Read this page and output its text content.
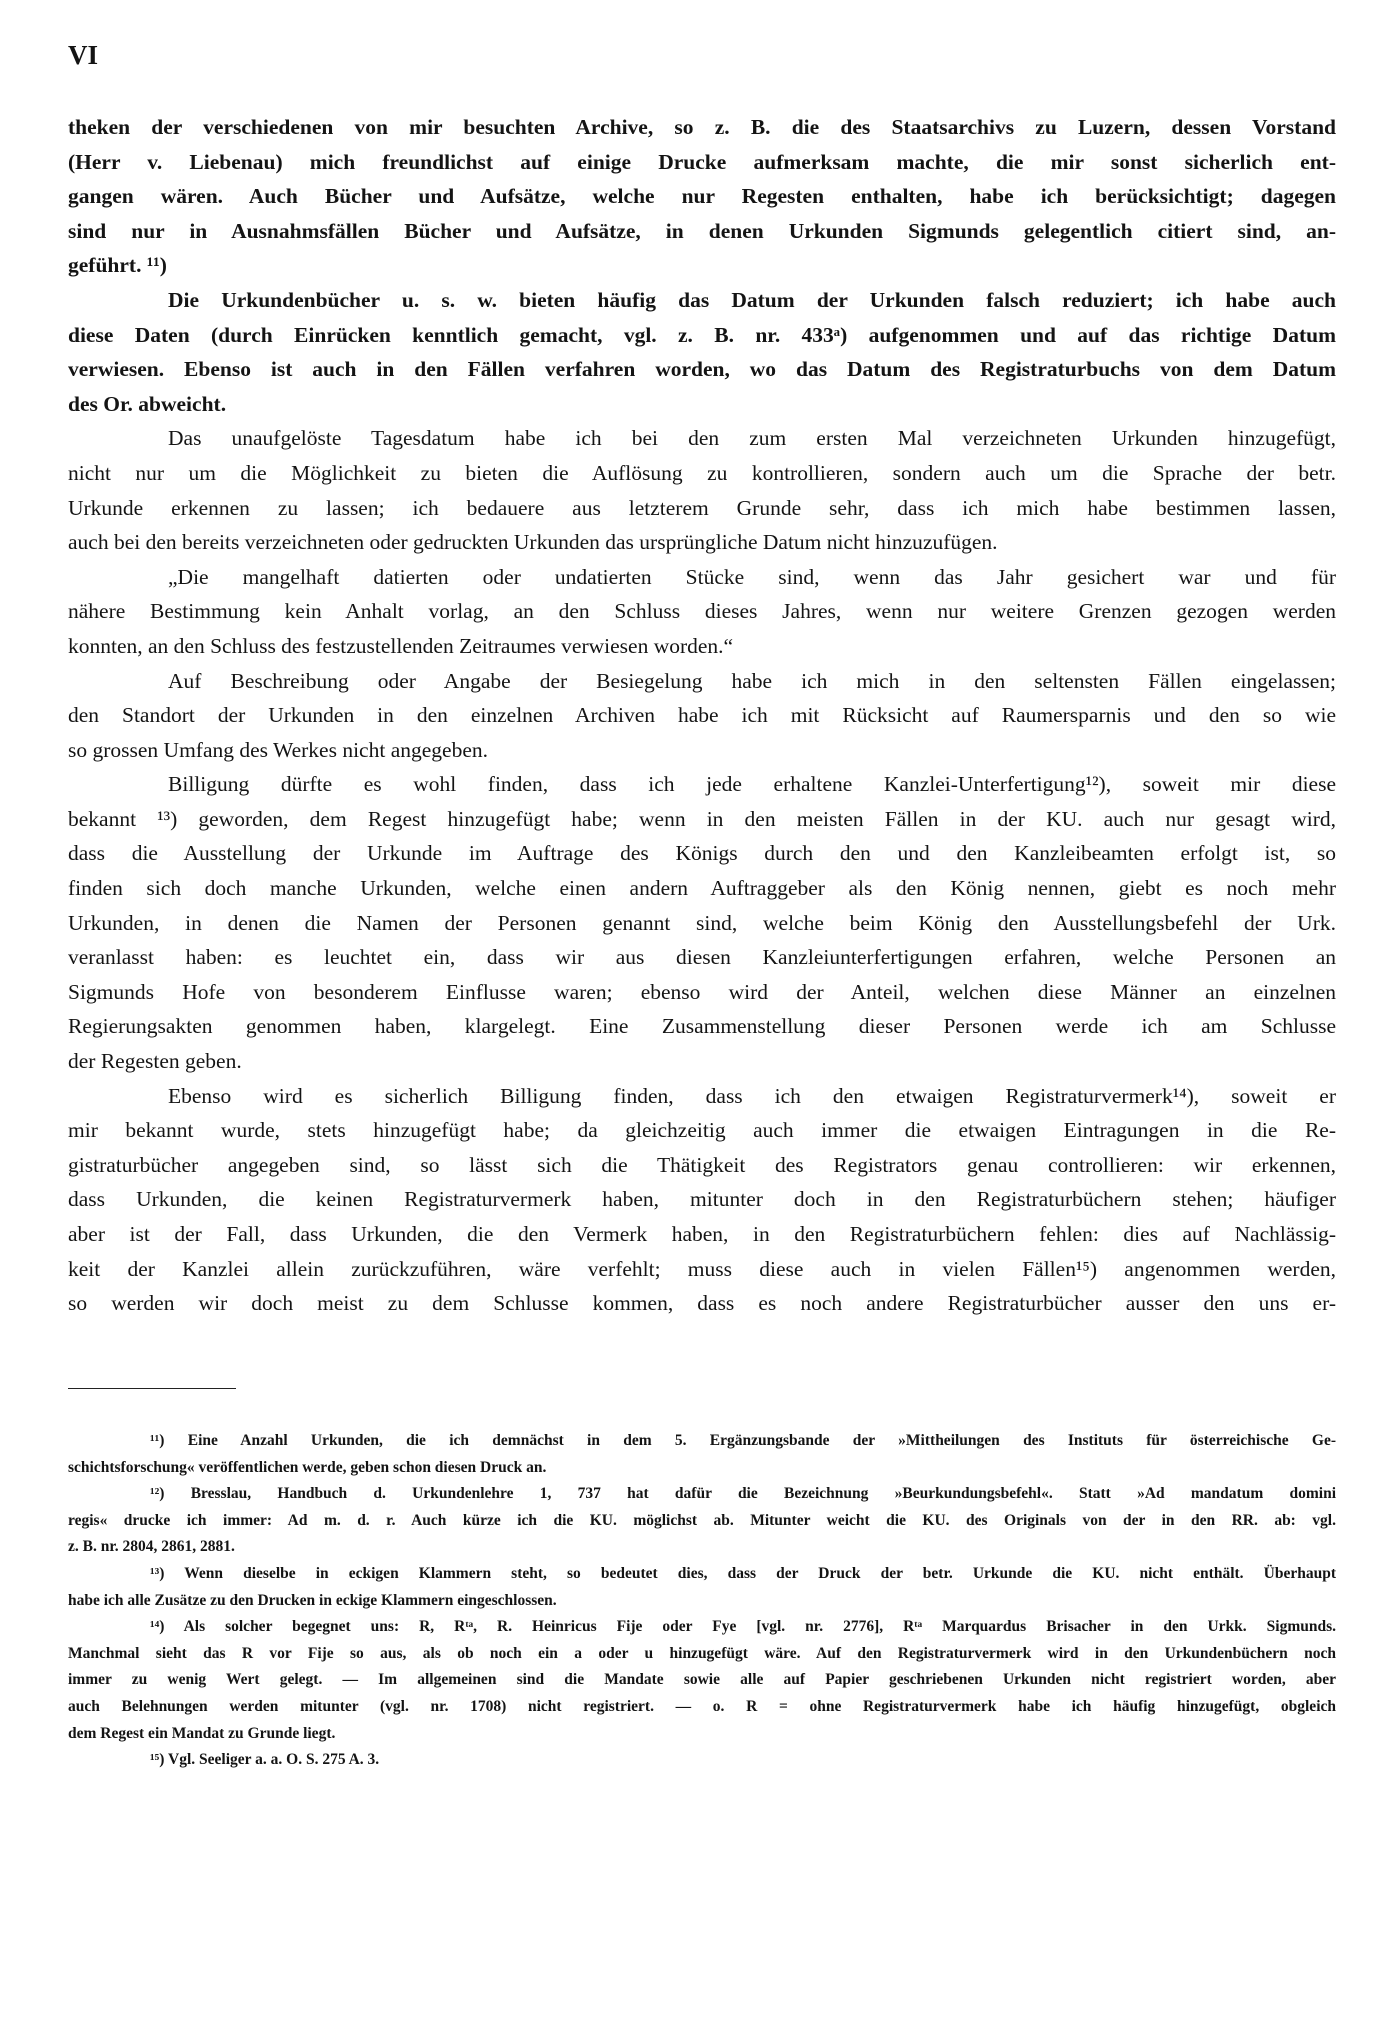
VI
theken der verschiedenen von mir besuchten Archive, so z. B. die des Staatsarchivs zu Luzern, dessen Vorstand
(Herr v. Liebenau) mich freundlichst auf einige Drucke aufmerksam machte, die mir sonst sicherlich ent-
gangen wären. Auch Bücher und Aufsätze, welche nur Regesten enthalten, habe ich berücksichtigt; dagegen
sind nur in Ausnahmsfällen Bücher und Aufsätze, in denen Urkunden Sigmunds gelegentlich citiert sind, an-
geführt. ¹¹)
Die Urkundenbücher u. s. w. bieten häufig das Datum der Urkunden falsch reduziert; ich habe auch
diese Daten (durch Einrücken kenntlich gemacht, vgl. z. B. nr. 433ᵃ) aufgenommen und auf das richtige Datum
verwiesen. Ebenso ist auch in den Fällen verfahren worden, wo das Datum des Registraturbuchs von dem Datum
des Or. abweicht.
Das unaufgelöste Tagesdatum habe ich bei den zum ersten Mal verzeichneten Urkunden hinzugefügt,
nicht nur um die Möglichkeit zu bieten die Auflösung zu kontrollieren, sondern auch um die Sprache der betr.
Urkunde erkennen zu lassen; ich bedauere aus letzterem Grunde sehr, dass ich mich habe bestimmen lassen,
auch bei den bereits verzeichneten oder gedruckten Urkunden das ursprüngliche Datum nicht hinzuzufügen.
„Die mangelhaft datierten oder undatierten Stücke sind, wenn das Jahr gesichert war und für
nähere Bestimmung kein Anhalt vorlag, an den Schluss dieses Jahres, wenn nur weitere Grenzen gezogen werden
konnten, an den Schluss des festzustellenden Zeitraumes verwiesen worden.“
Auf Beschreibung oder Angabe der Besiegelung habe ich mich in den seltensten Fällen eingelassen;
den Standort der Urkunden in den einzelnen Archiven habe ich mit Rücksicht auf Raumersparnis und den so wie
so grossen Umfang des Werkes nicht angegeben.
Billigung dürfte es wohl finden, dass ich jede erhaltene Kanzlei-Unterfertigung¹²), soweit mir diese
bekannt ¹³) geworden, dem Regest hinzugefügt habe; wenn in den meisten Fällen in der KU. auch nur gesagt wird,
dass die Ausstellung der Urkunde im Auftrage des Königs durch den und den Kanzleibeamten erfolgt ist, so
finden sich doch manche Urkunden, welche einen andern Auftraggeber als den König nennen, giebt es noch mehr
Urkunden, in denen die Namen der Personen genannt sind, welche beim König den Ausstellungsbefehl der Urk.
veranlasst haben: es leuchtet ein, dass wir aus diesen Kanzleiunterfertigungen erfahren, welche Personen an
Sigmunds Hofe von besonderem Einflusse waren; ebenso wird der Anteil, welchen diese Männer an einzelnen
Regierungsakten genommen haben, klargelegt. Eine Zusammenstellung dieser Personen werde ich am Schlusse
der Regesten geben.
Ebenso wird es sicherlich Billigung finden, dass ich den etwaigen Registraturvermerk¹⁴), soweit er
mir bekannt wurde, stets hinzugefügt habe; da gleichzeitig auch immer die etwaigen Eintragungen in die Re-
gistraturbücher angegeben sind, so lässt sich die Thätigkeit des Registrators genau controllieren: wir erkennen,
dass Urkunden, die keinen Registraturvermerk haben, mitunter doch in den Registraturbüchern stehen; häufiger
aber ist der Fall, dass Urkunden, die den Vermerk haben, in den Registraturbüchern fehlen: dies auf Nachlässig-
keit der Kanzlei allein zurückzuführen, wäre verfehlt; muss diese auch in vielen Fällen¹⁵) angenommen werden,
so werden wir doch meist zu dem Schlusse kommen, dass es noch andere Registraturbücher ausser den uns er-
¹¹) Eine Anzahl Urkunden, die ich demnächst in dem 5. Ergänzungsbande der »Mittheilungen des Instituts für österreichische Ge-
schichtsforschung« veröffentlichen werde, geben schon diesen Druck an.
¹²) Bresslau, Handbuch d. Urkundenlehre 1, 737 hat dafür die Bezeichnung »Beurkundungsbefehl«. Statt »Ad mandatum domini
regis« drucke ich immer: Ad m. d. r. Auch kürze ich die KU. möglichst ab. Mitunter weicht die KU. des Originals von der in den RR. ab: vgl.
z. B. nr. 2804, 2861, 2881.
¹³) Wenn dieselbe in eckigen Klammern steht, so bedeutet dies, dass der Druck der betr. Urkunde die KU. nicht enthält. Überhaupt
habe ich alle Zusätze zu den Drucken in eckige Klammern eingeschlossen.
¹⁴) Als solcher begegnet uns: R, Rᵗᵃ, R. Heinricus Fije oder Fye [vgl. nr. 2776], Rᵗᵃ Marquardus Brisacher in den Urkk. Sigmunds.
Manchmal sieht das R vor Fije so aus, als ob noch ein a oder u hinzugefügt wäre. Auf den Registraturvermerk wird in den Urkundenbüchern noch
immer zu wenig Wert gelegt. — Im allgemeinen sind die Mandate sowie alle auf Papier geschriebenen Urkunden nicht registriert worden, aber
auch Belehnungen werden mitunter (vgl. nr. 1708) nicht registriert. — o. R = ohne Registraturvermerk habe ich häufig hinzugefügt, obgleich
dem Regest ein Mandat zu Grunde liegt.
¹⁵) Vgl. Seeliger a. a. O. S. 275 A. 3.
